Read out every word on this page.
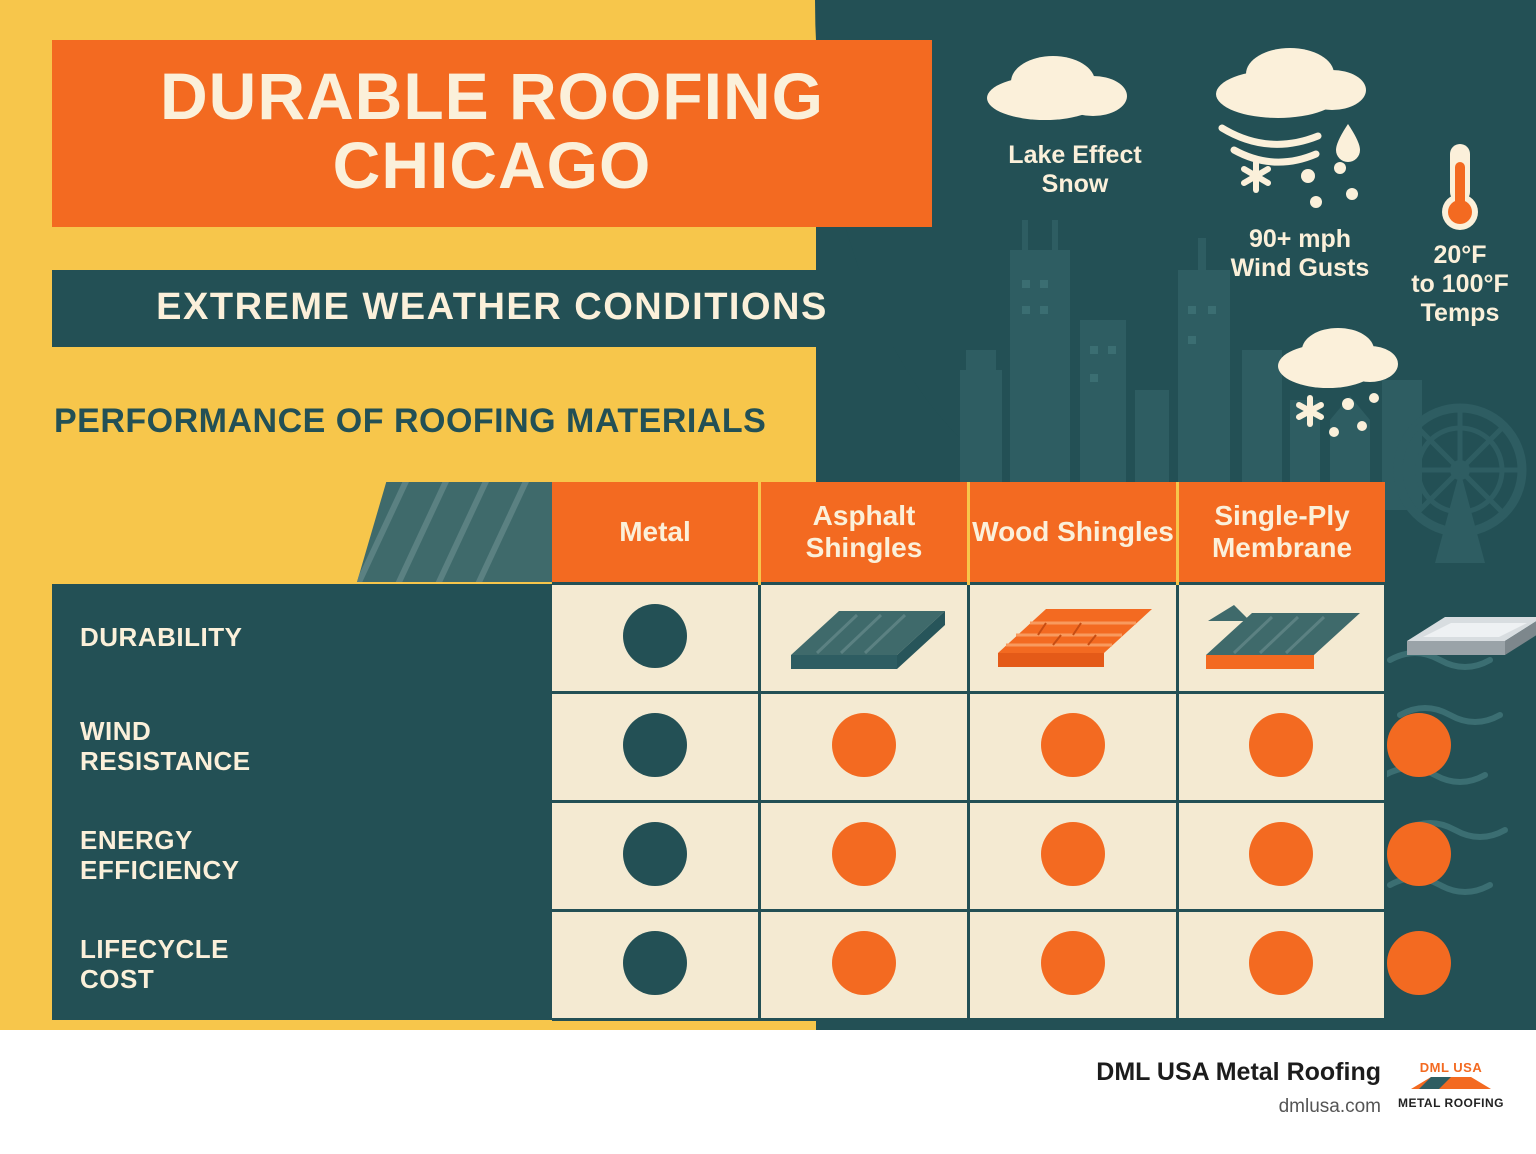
DURABLE ROOFING
CHICAGO
EXTREME WEATHER CONDITIONS
PERFORMANCE OF ROOFING MATERIALS
Lake Effect
Snow
90+ mph
Wind Gusts	20°F
to 100°F
Temps
	Metal	Asphalt Shingles	Wood Shingles	Single-Ply Membrane	

DURABILITY

WIND
RESISTANCE					

ENERGY
EFFICIENCY					

LIFECYCLE
COST					

DML USA Metal Roofing
dmlusa.com
DML USA
METAL ROOFING
